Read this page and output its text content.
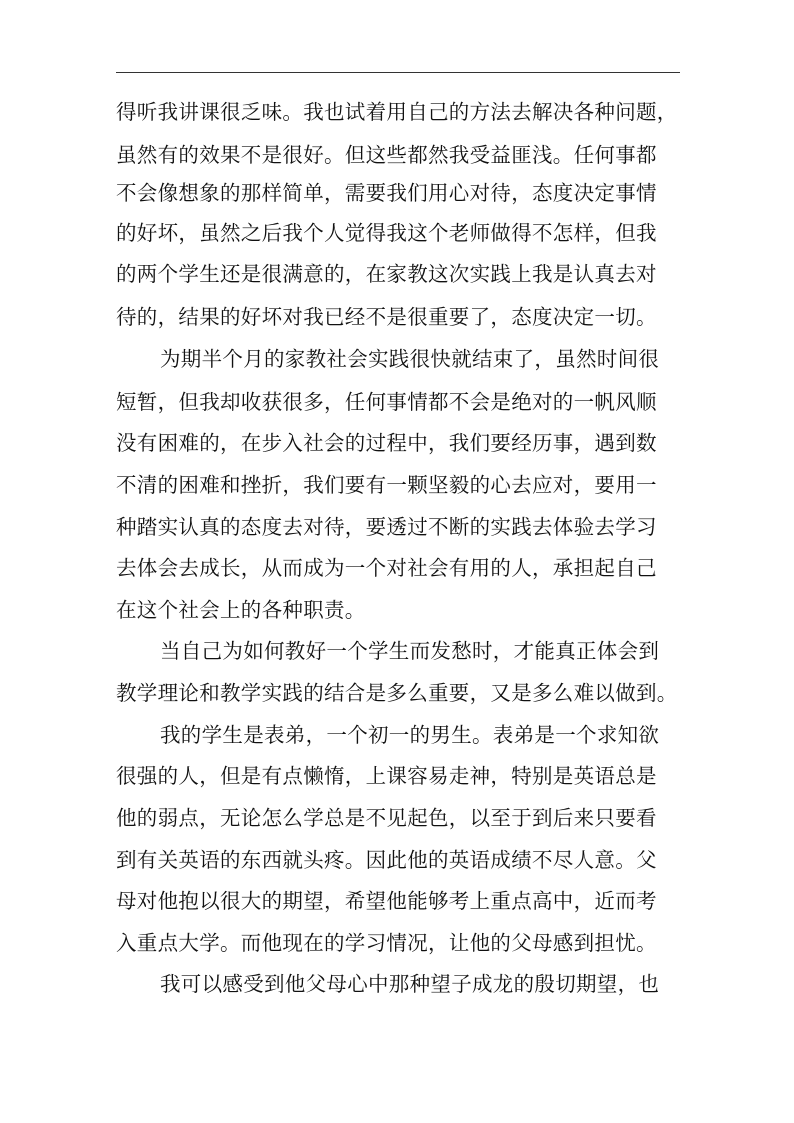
得听我讲课很乏味。我也试着用自己的方法去解决各种问题，
虽然有的效果不是很好。但这些都然我受益匪浅。任何事都
不会像想象的那样简单，需要我们用心对待，态度决定事情
的好坏，虽然之后我个人觉得我这个老师做得不怎样，但我
的两个学生还是很满意的，在家教这次实践上我是认真去对
待的，结果的好坏对我已经不是很重要了，态度决定一切。
为期半个月的家教社会实践很快就结束了，虽然时间很
短暂，但我却收获很多，任何事情都不会是绝对的一帆风顺
没有困难的，在步入社会的过程中，我们要经历事，遇到数
不清的困难和挫折，我们要有一颗坚毅的心去应对，要用一
种踏实认真的态度去对待，要透过不断的实践去体验去学习
去体会去成长，从而成为一个对社会有用的人，承担起自己
在这个社会上的各种职责。
当自己为如何教好一个学生而发愁时，才能真正体会到
教学理论和教学实践的结合是多么重要，又是多么难以做到。
我的学生是表弟，一个初一的男生。表弟是一个求知欲
很强的人，但是有点懒惰，上课容易走神，特别是英语总是
他的弱点，无论怎么学总是不见起色，以至于到后来只要看
到有关英语的东西就头疼。因此他的英语成绩不尽人意。父
母对他抱以很大的期望，希望他能够考上重点高中，近而考
入重点大学。而他现在的学习情况，让他的父母感到担忧。
我可以感受到他父母心中那种望子成龙的殷切期望，也
